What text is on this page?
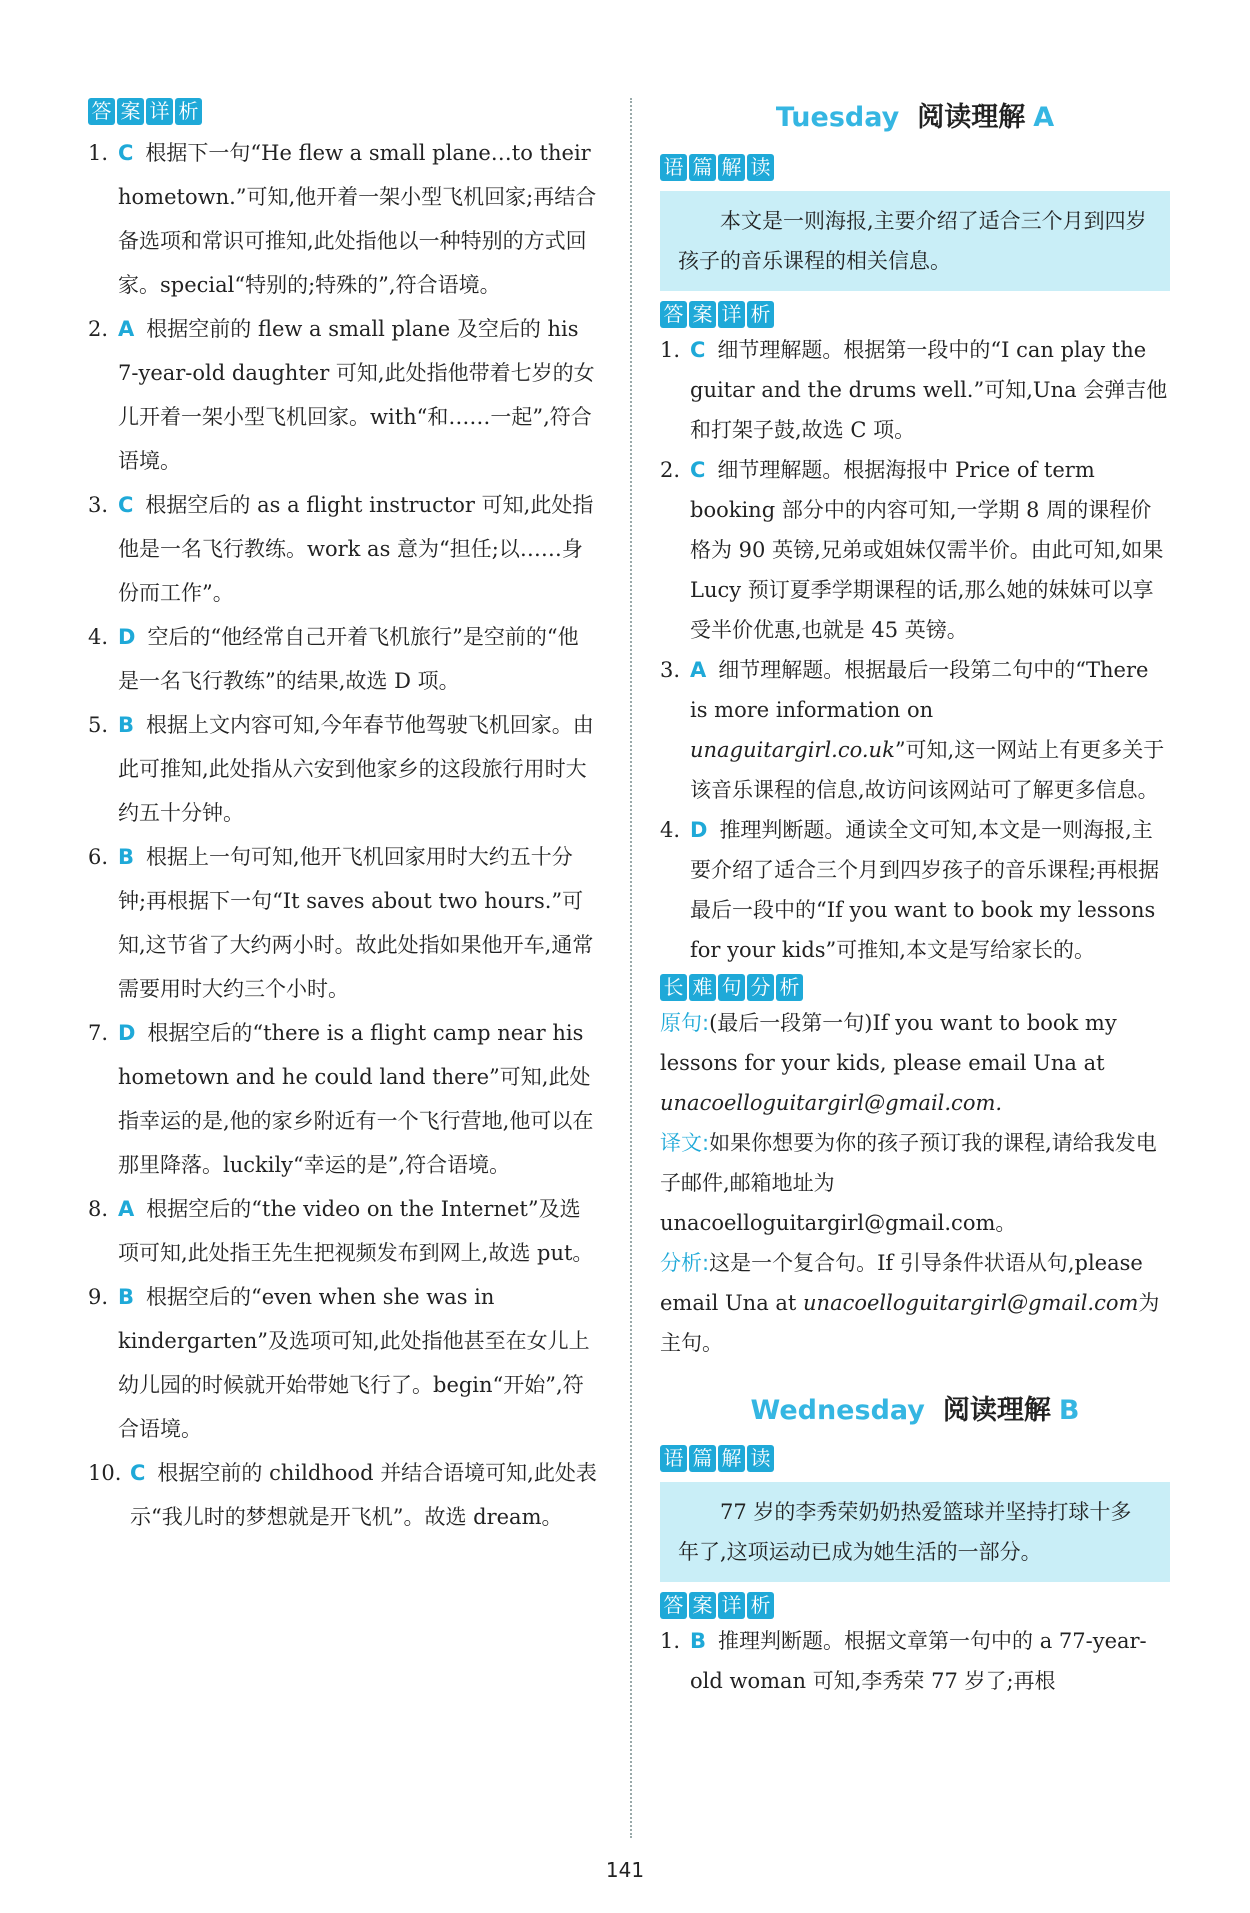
答 案 详 析
1. C 根据下一句“He flew a small plane…to their hometown.”可知,他开着一架小型飞机回家;再结合备选项和常识可推知,此处指他以一种特别的方式回家。special“特别的;特殊的”,符合语境。
2. A 根据空前的 flew a small plane 及空后的 his 7-year-old daughter 可知,此处指他带着七岁的女儿开着一架小型飞机回家。with“和……一起”,符合语境。
3. C 根据空后的 as a flight instructor 可知,此处指他是一名飞行教练。work as 意为“担任;以……身份而工作”。
4. D 空后的“他经常自己开着飞机旅行”是空前的“他是一名飞行教练”的结果,故选 D 项。
5. B 根据上文内容可知,今年春节他驾驶飞机回家。由此可推知,此处指从六安到他家乡的这段旅行用时大约五十分钟。
6. B 根据上一句可知,他开飞机回家用时大约五十分钟;再根据下一句“It saves about two hours.”可知,这节省了大约两小时。故此处指如果他开车,通常需要用时大约三个小时。
7. D 根据空后的“there is a flight camp near his hometown and he could land there”可知,此处指幸运的是,他的家乡附近有一个飞行营地,他可以在那里降落。luckily“幸运的是”,符合语境。
8. A 根据空后的“the video on the Internet”及选项可知,此处指王先生把视频发布到网上,故选 put。
9. B 根据空后的“even when she was in kindergarten”及选项可知,此处指他甚至在女儿上幼儿园的时候就开始带她飞行了。begin“开始”,符合语境。
10. C 根据空前的 childhood 并结合语境可知,此处表示“我儿时的梦想就是开飞机”。故选 dream。
Tuesday 阅读理解 A
语 篇 解 读
本文是一则海报,主要介绍了适合三个月到四岁孩子的音乐课程的相关信息。
答 案 详 析
1. C 细节理解题。根据第一段中的“I can play the guitar and the drums well.”可知,Una 会弹吉他和打架子鼓,故选 C 项。
2. C 细节理解题。根据海报中 Price of term booking 部分中的内容可知,一学期 8 周的课程价格为 90 英镑,兄弟或姐妹仅需半价。由此可知,如果 Lucy 预订夏季学期课程的话,那么她的妹妹可以享受半价优惠,也就是 45 英镑。
3. A 细节理解题。根据最后一段第二句中的“There is more information on unaguitargirl.co.uk”可知,这一网站上有更多关于该音乐课程的信息,故访问该网站可了解更多信息。
4. D 推理判断题。通读全文可知,本文是一则海报,主要介绍了适合三个月到四岁孩子的音乐课程;再根据最后一段中的“If you want to book my lessons for your kids”可推知,本文是写给家长的。
长 难 句 分 析
原句:(最后一段第一句)If you want to book my lessons for your kids, please email Una at unacoelloguitargirl@gmail.com.
译文:如果你想要为你的孩子预订我的课程,请给我发电子邮件,邮箱地址为 unacoelloguitargirl@gmail.com。
分析:这是一个复合句。If 引导条件状语从句,please email Una at unacoelloguitargirl@gmail.com为主句。
Wednesday 阅读理解 B
语 篇 解 读
77 岁的李秀荣奶奶热爱篮球并坚持打球十多年了,这项运动已成为她生活的一部分。
答 案 详 析
1. B 推理判断题。根据文章第一句中的 a 77-year-old woman 可知,李秀荣 77 岁了;再根
141
